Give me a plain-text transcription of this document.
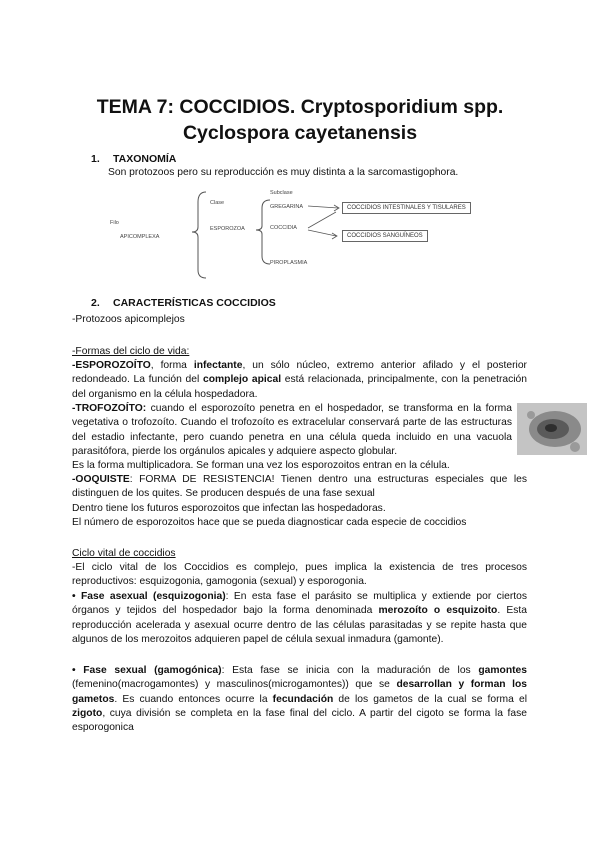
TEMA 7: COCCIDIOS. Cryptosporidium spp.
Cyclospora cayetanensis
1. TAXONOMÍA
Son protozoos pero su reproducción es muy distinta a la sarcomastigophora.
Filo
APICOMPLEXA
Clase
ESPOROZOA
Subclase
GREGARINA
COCCIDIA
PIROPLASMIA
COCCIDIOS INTESTINALES Y TISULARES
COCCIDIOS SANGUÍNEOS
2. CARACTERÍSTICAS COCCIDIOS
-Protozoos apicomplejos
-Formas del ciclo de vida:
-ESPOROZOÍTO, forma infectante, un sólo núcleo, extremo anterior afilado y el posterior redondeado. La función del complejo apical está relacionada, principalmente, con la penetración del organismo en la célula hospedadora.
-TROFOZOÍTO: cuando el esporozoíto penetra en el hospedador, se transforma en la forma vegetativa o trofozoíto. Cuando el trofozoíto es extracelular conservará parte de las estructuras del estadio infectante, pero cuando penetra en una célula queda incluido en una vacuola parasitófora, pierde los orgánulos apicales y adquiere aspecto globular.
Es la forma multiplicadora. Se forman una vez los esporozoitos entran en la célula.
-OOQUISTE: FORMA DE RESISTENCIA! Tienen dentro una estructuras especiales que les distinguen de los quites. Se producen después de una fase sexual
Dentro tiene los futuros esporozoitos que infectan las hospedadoras.
El número de esporozoitos hace que se pueda diagnosticar cada especie de coccidios
Ciclo vital de coccidios
-El ciclo vital de los Coccidios es complejo, pues implica la existencia de tres procesos reproductivos: esquizogonia, gamogonia (sexual) y esporogonia.
• Fase asexual (esquizogonia): En esta fase el parásito se multiplica y extiende por ciertos órganos y tejidos del hospedador bajo la forma denominada merozoíto o esquizoito. Esta reproducción acelerada y asexual ocurre dentro de las células parasitadas y se repite hasta que algunos de los merozoitos adquieren papel de célula sexual inmadura (gamonte).
• Fase sexual (gamogónica): Esta fase se inicia con la maduración de los gamontes (femenino(macrogamontes) y masculinos(microgamontes)) que se desarrollan y forman los gametos. Es cuando entonces ocurre la fecundación de los gametos de la cual se forma el zigoto, cuya división se completa en la fase final del ciclo. A partir del cigoto se forma la fase esporogonica
